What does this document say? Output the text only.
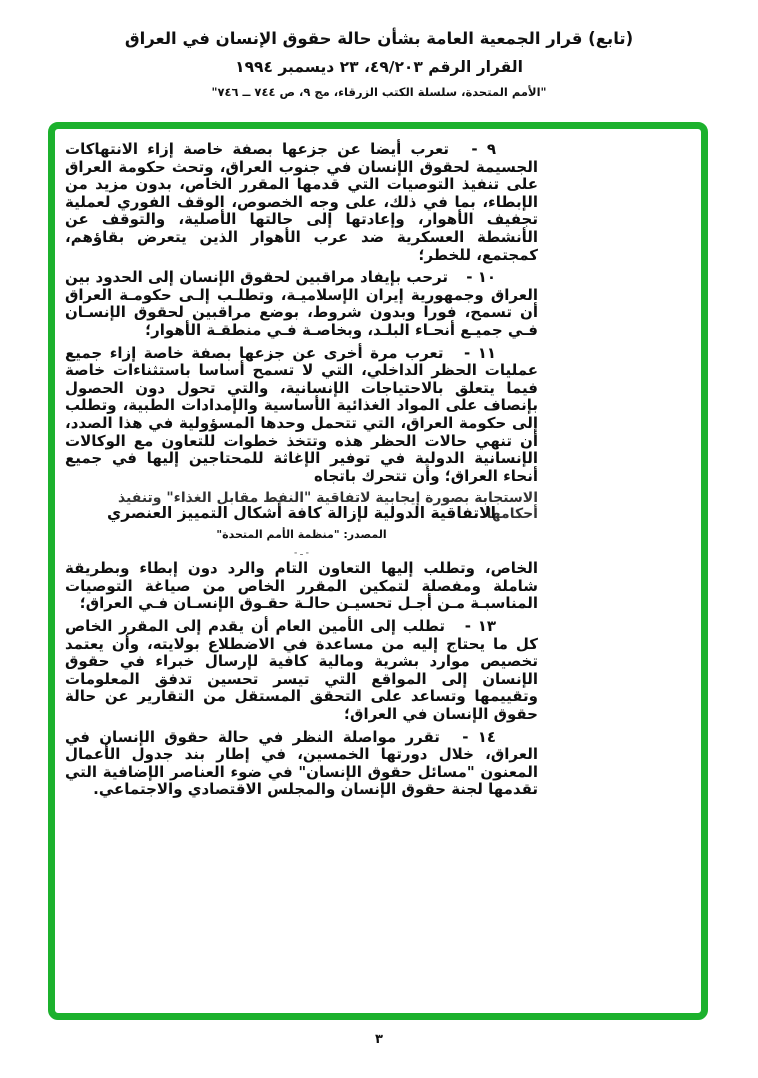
(تابع) قرار الجمعية العامة بشأن حالة حقوق الإنسان في العراق
القرار الرقم ٤٩/٢٠٣، ٢٣ ديسمبر ١٩٩٤
"الأمم المتحدة، سلسلة الكتب الزرقاء، مج ٩، ص ٧٤٤ ــ ٧٤٦"

٩ - تعرب أيضا عن جزعها بصفة خاصة إزاء الانتهاكات الجسيمة لحقوق الإنسان في جنوب العراق، وتحث حكومة العراق على تنفيذ التوصيات التي قدمها المقرر الخاص، بدون مزيد من الإبطاء، بما في ذلك، على وجه الخصوص، الوقف الفوري لعملية تجفيف الأهوار، وإعادتها إلى حالتها الأصلية، والتوقف عن الأنشطة العسكرية ضد عرب الأهوار الذين يتعرض بقاؤهم، كمجتمع، للخطر؛

١٠ - ترحب بإيفاد مراقبين لحقوق الإنسان إلى الحدود بين العراق وجمهورية إيران الإسلاميـة، وتطلـب إلـى حكومـة العراق أن تسمح، فورا وبدون شروط، بوضع مراقبين لحقوق الإنسـان فـي جميـع أنحـاء البلـد، وبخاصـة فـي منطقـة الأهوار؛

١١ - تعرب مرة أخرى عن جزعها بصفة خاصة إزاء جميع عمليات الحظر الداخلي، التي لا تسمح أساسا باستثناءات خاصة فيما يتعلق بالاحتياجات الإنسانية، والتي تحول دون الحصول بإنصاف على المواد الغذائية الأساسية والإمدادات الطبية، وتطلب إلى حكومة العراق، التي تتحمل وحدها المسؤولية في هذا الصدد، أن تنهي حالات الحظر هذه وتتخذ خطوات للتعاون مع الوكالات الإنسانية الدولية في توفير الإغاثة للمحتاجين إليها في جميع أنحاء العراق؛ وأن تتحرك باتجاه

الاستجابة بصورة إيجابية لاتفاقية "النفط مقابل الغذاء" وتنفيذ أحكامها
الاتفاقية الدولية لإزالة كافة أشكال التمييز العنصري
المصدر: "منظمة الأمم المتحدة"
- ـ -

الخاص، وتطلب إليها التعاون التام والرد دون إبطاء وبطريقة شاملة ومفصلة لتمكين المقرر الخاص من صياغة التوصيات المناسبـة مـن أجـل تحسيـن حالـة حقـوق الإنسـان فـي العراق؛

١٣ - تطلب إلى الأمين العام أن يقدم إلى المقرر الخاص كل ما يحتاج إليه من مساعدة في الاضطلاع بولايته، وأن يعتمد تخصيص موارد بشرية ومالية كافية لإرسال خبراء في حقوق الإنسان إلى المواقع التي تيسر تحسين تدفق المعلومات وتقييمها وتساعد على التحقق المستقل من التقارير عن حالة حقوق الإنسان في العراق؛

١٤ - تقرر مواصلة النظر في حالة حقوق الإنسان في العراق، خلال دورتها الخمسين، في إطار بند جدول الأعمال المعنون "مسائل حقوق الإنسان" في ضوء العناصر الإضافية التي تقدمها لجنة حقوق الإنسان والمجلس الاقتصادي والاجتماعي.

٣
